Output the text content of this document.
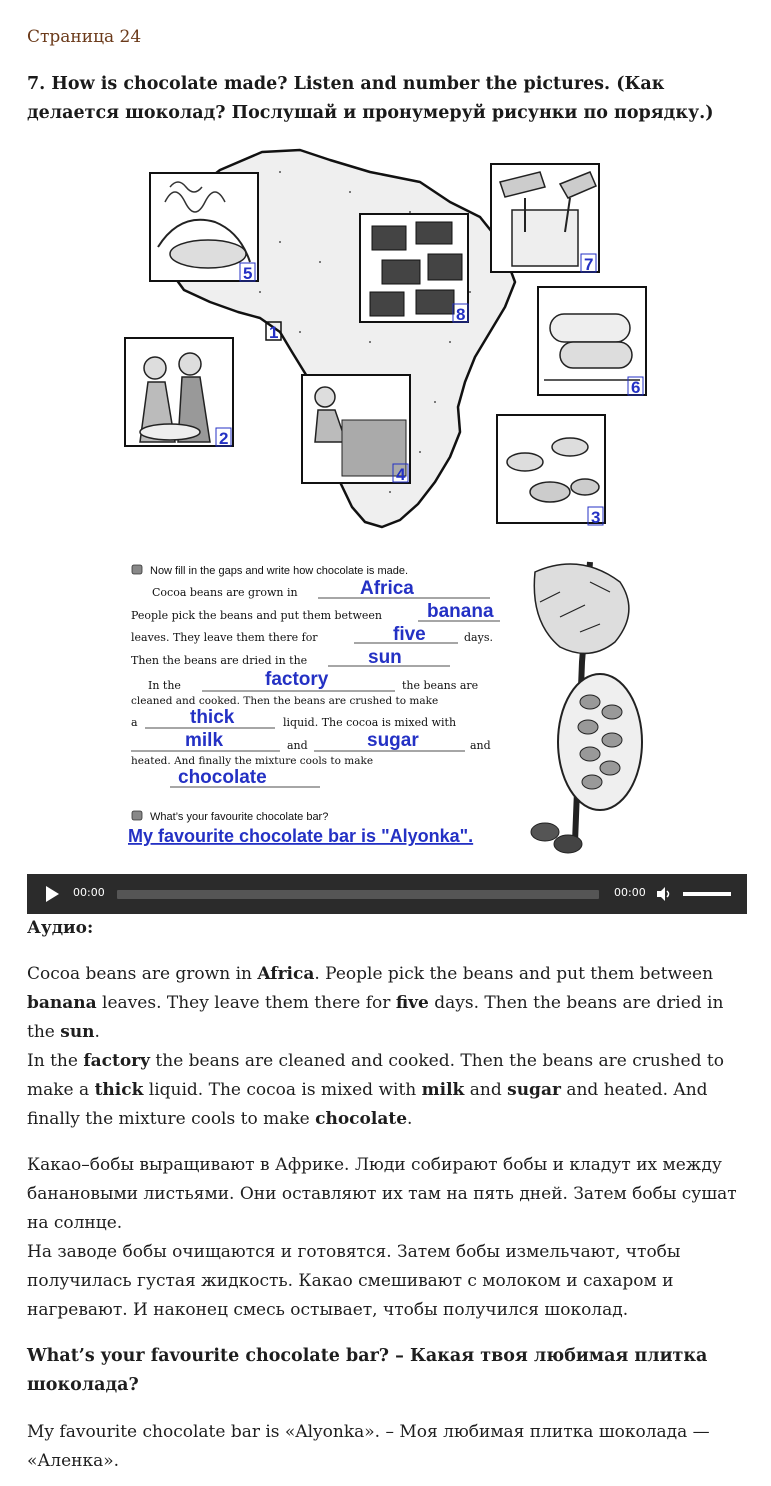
Страница 24
7. How is chocolate made? Listen and number the pictures. (Как делается шоколад? Послушай и пронумеруй рисунки по порядку.)
5	7
8
1
6
2
4
3
Now fill in the gaps and write how chocolate is made.
Cocoa beans are grown in
People pick the beans and put them between
leaves. They leave them there for	days.
Then the beans are dried in the
In the	the beans are
cleaned and cooked. Then the beans are crushed to make
a	liquid. The cocoa is mixed with
and	and
heated. And finally the mixture cools to make
Africa
banana
five
sun
factory
thick
milk	sugar
chocolate
What’s your favourite chocolate bar?
My favourite chocolate bar is "Alyonka".
00:00	00:00
Аудио:
Cocoa beans are grown in Africa. People pick the beans and put them between banana leaves. They leave them there for five days. Then the beans are dried in the sun.
In the factory the beans are cleaned and cooked. Then the beans are crushed to make a thick liquid. The cocoa is mixed with milk and sugar and heated. And finally the mixture cools to make chocolate.
Какао–бобы выращивают в Африке. Люди собирают бобы и кладут их между банановыми листьями. Они оставляют их там на пять дней. Затем бобы сушат на солнце.
На заводе бобы очищаются и готовятся. Затем бобы измельчают, чтобы получилась густая жидкость. Какао смешивают с молоком и сахаром и нагревают. И наконец смесь остывает, чтобы получился шоколад.
What’s your favourite chocolate bar? – Какая твоя любимая плитка шоколада?
My favourite chocolate bar is «Alyonka». – Моя любимая плитка шоколада — «Аленка».
